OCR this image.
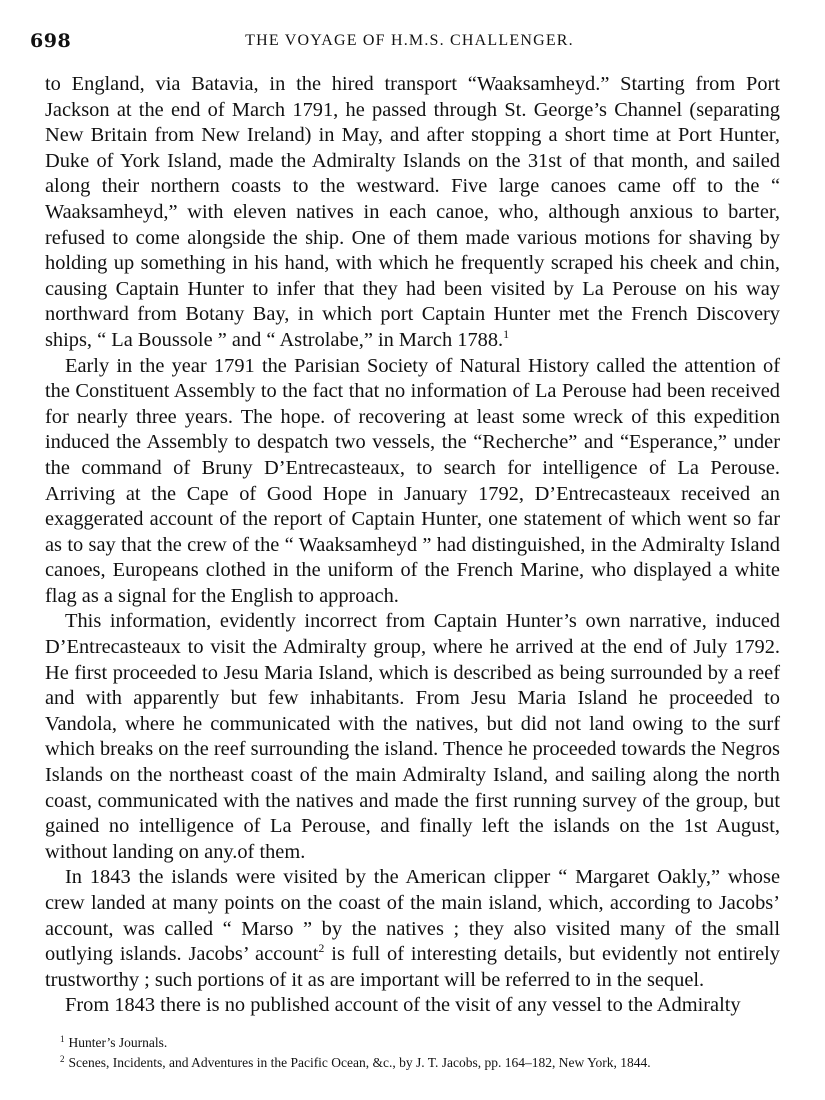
698	THE VOYAGE OF H.M.S. CHALLENGER.

to England, via Batavia, in the hired transport “Waaksamheyd.” Starting from Port Jackson at the end of March 1791, he passed through St. George’s Channel (separating New Britain from New Ireland) in May, and after stopping a short time at Port Hunter, Duke of York Island, made the Admiralty Islands on the 31st of that month, and sailed along their northern coasts to the westward. Five large canoes came off to the “ Waaksamheyd,” with eleven natives in each canoe, who, although anxious to barter, refused to come alongside the ship. One of them made various motions for shaving by holding up something in his hand, with which he frequently scraped his cheek and chin, causing Captain Hunter to infer that they had been visited by La Perouse on his way northward from Botany Bay, in which port Captain Hunter met the French Discovery ships, “ La Boussole ” and “ Astrolabe,” in March 1788.$^1$

Early in the year 1791 the Parisian Society of Natural History called the attention of the Constituent Assembly to the fact that no information of La Perouse had been received for nearly three years. The hope. of recovering at least some wreck of this expedition induced the Assembly to despatch two vessels, the “Recherche” and “Esperance,” under the command of Bruny D’Entrecasteaux, to search for intelligence of La Perouse. Arriving at the Cape of Good Hope in January 1792, D’Entrecasteaux received an exaggerated account of the report of Captain Hunter, one statement of which went so far as to say that the crew of the “ Waaksamheyd ” had distinguished, in the Admiralty Island canoes, Europeans clothed in the uniform of the French Marine, who displayed a white flag as a signal for the English to approach.

This information, evidently incorrect from Captain Hunter’s own narrative, induced D’Entrecasteaux to visit the Admiralty group, where he arrived at the end of July 1792. He first proceeded to Jesu Maria Island, which is described as being surrounded by a reef and with apparently but few inhabitants. From Jesu Maria Island he proceeded to Vandola, where he communicated with the natives, but did not land owing to the surf which breaks on the reef surrounding the island. Thence he proceeded towards the Negros Islands on the northeast coast of the main Admiralty Island, and sailing along the north coast, communicated with the natives and made the first running survey of the group, but gained no intelligence of La Perouse, and finally left the islands on the 1st August, without landing on any.of them.

In 1843 the islands were visited by the American clipper “ Margaret Oakly,” whose crew landed at many points on the coast of the main island, which, according to Jacobs’ account, was called “ Marso ” by the natives ; they also visited many of the small outlying islands. Jacobs’ account$^2$ is full of interesting details, but evidently not entirely trustworthy ; such portions of it as are important will be referred to in the sequel.

From 1843 there is no published account of the visit of any vessel to the Admiralty

$^1$ Hunter’s Journals.
$^2$ Scenes, Incidents, and Adventures in the Pacific Ocean, &c., by J. T. Jacobs, pp. 164–182, New York, 1844.
